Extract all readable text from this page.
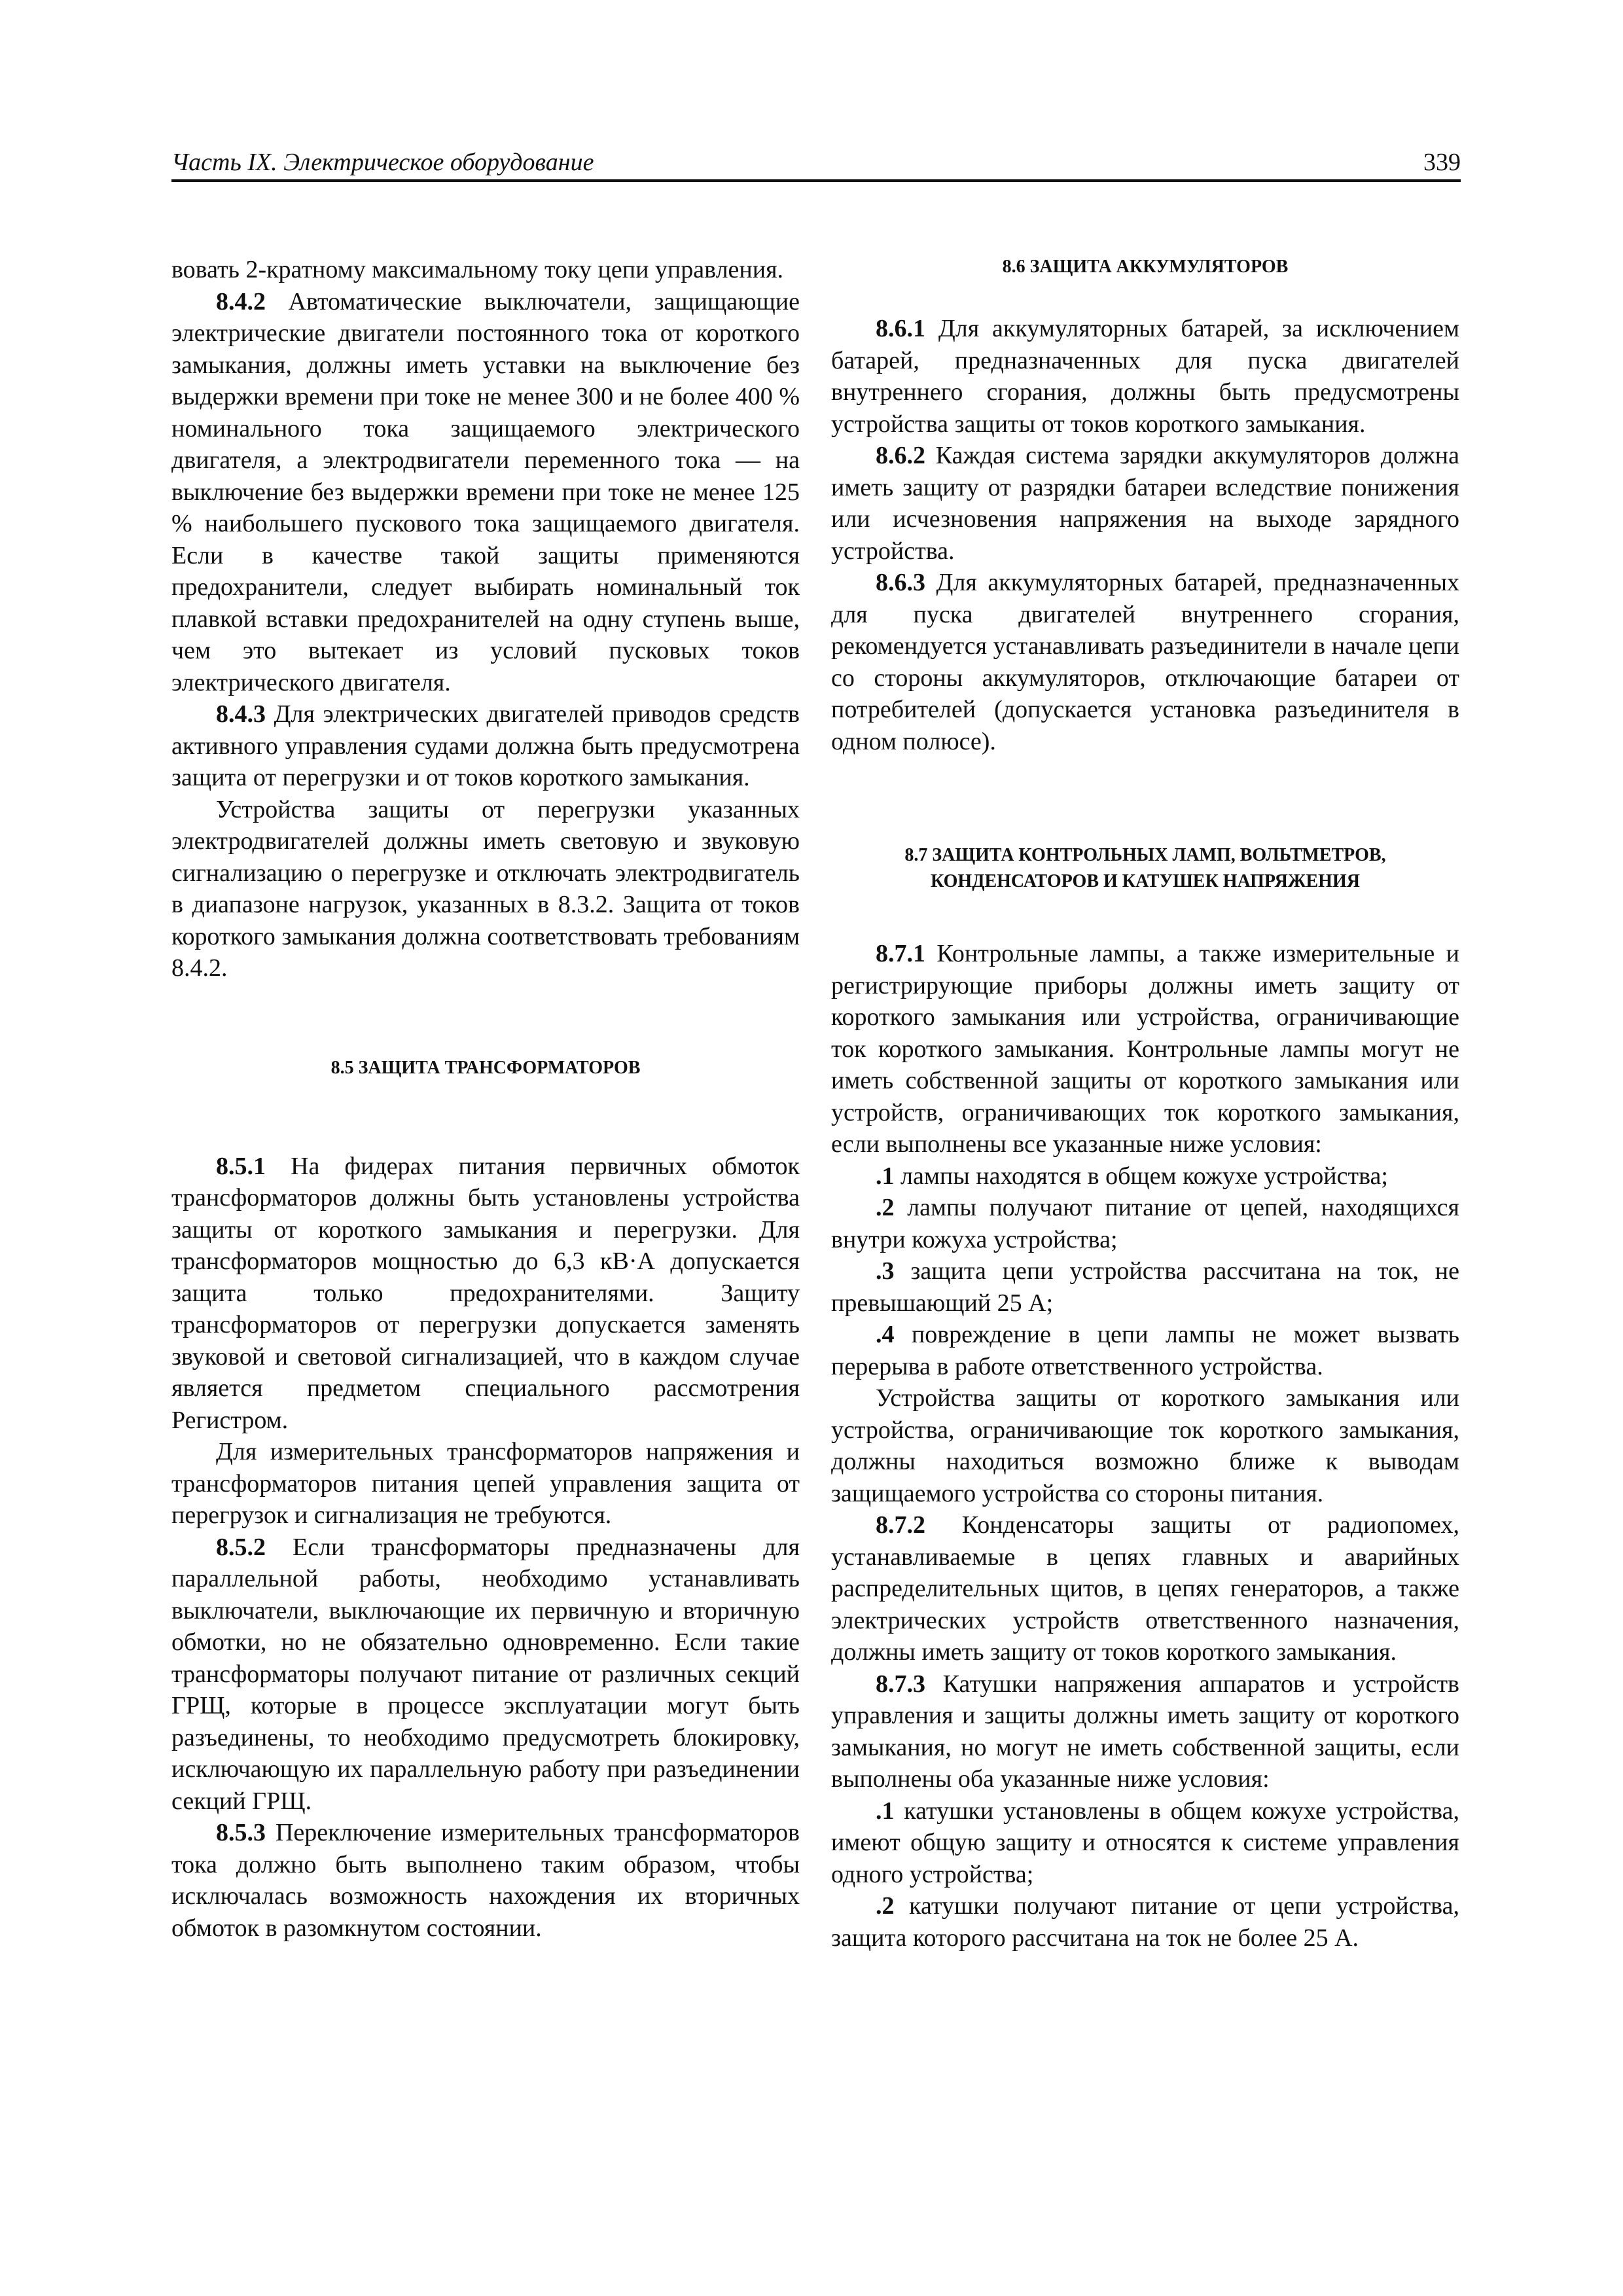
Часть IX. Электрическое оборудование	339

вовать 2-кратному максимальному току цепи управления.

8.4.2 Автоматические выключатели, защищающие электрические двигатели постоянного тока от короткого замыкания, должны иметь уставки на выключение без выдержки времени при токе не менее 300 и не более 400 % номинального тока защищаемого электрического двигателя, а электродвигатели переменного тока — на выключение без выдержки времени при токе не менее 125 % наибольшего пускового тока защищаемого двигателя. Если в качестве такой защиты применяются предохранители, следует выбирать номинальный ток плавкой вставки предохранителей на одну ступень выше, чем это вытекает из условий пусковых токов электрического двигателя.

8.4.3 Для электрических двигателей приводов средств активного управления судами должна быть предусмотрена защита от перегрузки и от токов короткого замыкания.

Устройства защиты от перегрузки указанных электродвигателей должны иметь световую и звуковую сигнализацию о перегрузке и отключать электродвигатель в диапазоне нагрузок, указанных в 8.3.2. Защита от токов короткого замыкания должна соответствовать требованиям 8.4.2.

8.5 ЗАЩИТА ТРАНСФОРМАТОРОВ

8.5.1 На фидерах питания первичных обмоток трансформаторов должны быть установлены устройства защиты от короткого замыкания и перегрузки. Для трансформаторов мощностью до 6,3 кВ·А допускается защита только предохранителями. Защиту трансформаторов от перегрузки допускается заменять звуковой и световой сигнализацией, что в каждом случае является предметом специального рассмотрения Регистром.

Для измерительных трансформаторов напряжения и трансформаторов питания цепей управления защита от перегрузок и сигнализация не требуются.

8.5.2 Если трансформаторы предназначены для параллельной работы, необходимо устанавливать выключатели, выключающие их первичную и вторичную обмотки, но не обязательно одновременно. Если такие трансформаторы получают питание от различных секций ГРЩ, которые в процессе эксплуатации могут быть разъединены, то необходимо предусмотреть блокировку, исключающую их параллельную работу при разъединении секций ГРЩ.

8.5.3 Переключение измерительных трансформаторов тока должно быть выполнено таким образом, чтобы исключалась возможность нахождения их вторичных обмоток в разомкнутом состоянии.

8.6 ЗАЩИТА АККУМУЛЯТОРОВ

8.6.1 Для аккумуляторных батарей, за исключением батарей, предназначенных для пуска двигателей внутреннего сгорания, должны быть предусмотрены устройства защиты от токов короткого замыкания.

8.6.2 Каждая система зарядки аккумуляторов должна иметь защиту от разрядки батареи вследствие понижения или исчезновения напряжения на выходе зарядного устройства.

8.6.3 Для аккумуляторных батарей, предназначенных для пуска двигателей внутреннего сгорания, рекомендуется устанавливать разъединители в начале цепи со стороны аккумуляторов, отключающие батареи от потребителей (допускается установка разъединителя в одном полюсе).

8.7 ЗАЩИТА КОНТРОЛЬНЫХ ЛАМП, ВОЛЬТМЕТРОВ,
КОНДЕНСАТОРОВ И КАТУШЕК НАПРЯЖЕНИЯ

8.7.1 Контрольные лампы, а также измерительные и регистрирующие приборы должны иметь защиту от короткого замыкания или устройства, ограничивающие ток короткого замыкания. Контрольные лампы могут не иметь собственной защиты от короткого замыкания или устройств, ограничивающих ток короткого замыкания, если выполнены все указанные ниже условия:

.1 лампы находятся в общем кожухе устройства;

.2 лампы получают питание от цепей, находящихся внутри кожуха устройства;

.3 защита цепи устройства рассчитана на ток, не превышающий 25 А;

.4 повреждение в цепи лампы не может вызвать перерыва в работе ответственного устройства.

Устройства защиты от короткого замыкания или устройства, ограничивающие ток короткого замыкания, должны находиться возможно ближе к выводам защищаемого устройства со стороны питания.

8.7.2 Конденсаторы защиты от радиопомех, устанавливаемые в цепях главных и аварийных распределительных щитов, в цепях генераторов, а также электрических устройств ответственного назначения, должны иметь защиту от токов короткого замыкания.

8.7.3 Катушки напряжения аппаратов и устройств управления и защиты должны иметь защиту от короткого замыкания, но могут не иметь собственной защиты, если выполнены оба указанные ниже условия:

.1 катушки установлены в общем кожухе устройства, имеют общую защиту и относятся к системе управления одного устройства;

.2 катушки получают питание от цепи устройства, защита которого рассчитана на ток не более 25 А.
